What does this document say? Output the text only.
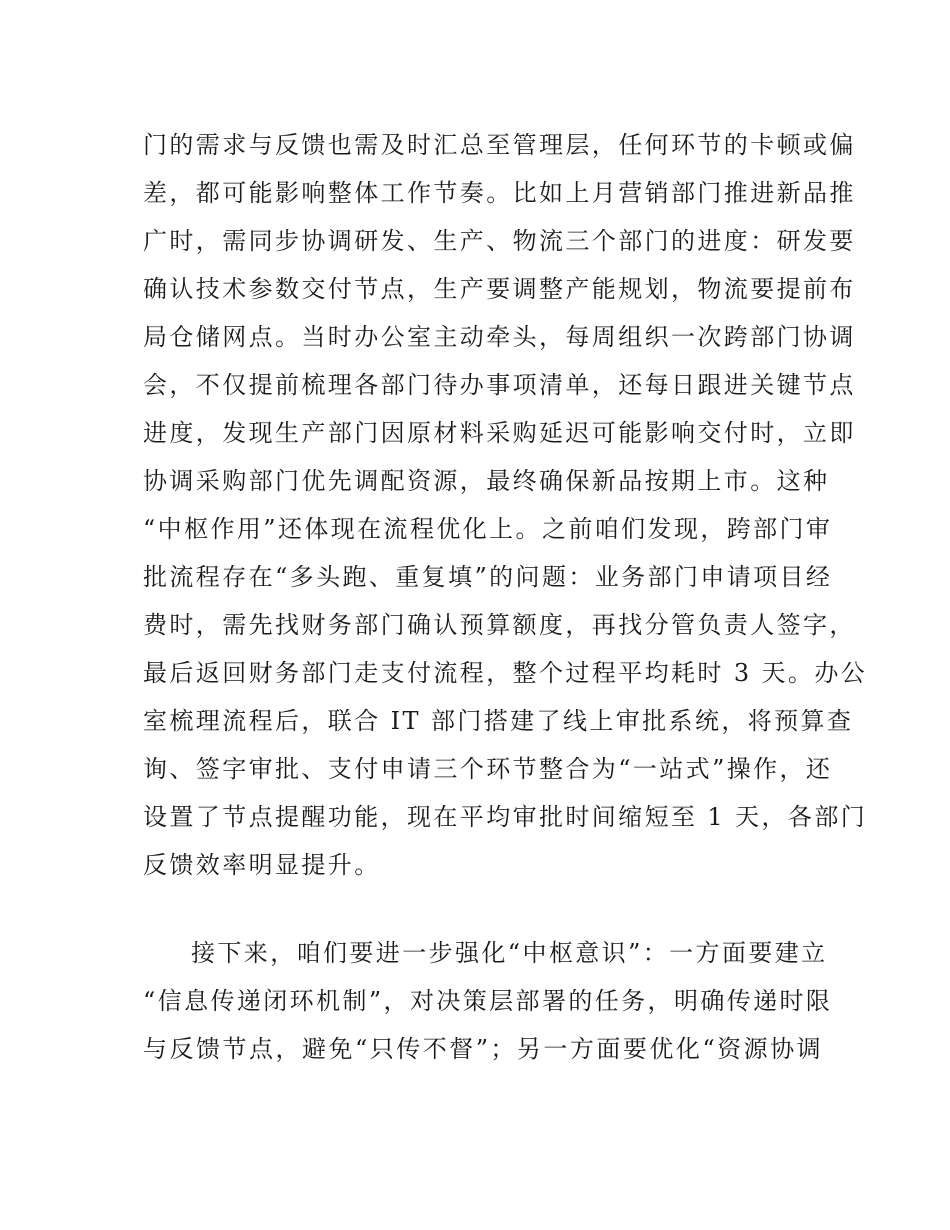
门的需求与反馈也需及时汇总至管理层，任何环节的卡顿或偏
差，都可能影响整体工作节奏。比如上月营销部门推进新品推
广时，需同步协调研发、生产、物流三个部门的进度：研发要
确认技术参数交付节点，生产要调整产能规划，物流要提前布
局仓储网点。当时办公室主动牵头，每周组织一次跨部门协调
会，不仅提前梳理各部门待办事项清单，还每日跟进关键节点
进度，发现生产部门因原材料采购延迟可能影响交付时，立即
协调采购部门优先调配资源，最终确保新品按期上市。这种
“中枢作用”还体现在流程优化上。之前咱们发现，跨部门审
批流程存在“多头跑、重复填”的问题：业务部门申请项目经
费时，需先找财务部门确认预算额度，再找分管负责人签字，
最后返回财务部门走支付流程，整个过程平均耗时 3 天。办公
室梳理流程后，联合 IT 部门搭建了线上审批系统，将预算查
询、签字审批、支付申请三个环节整合为“一站式”操作，还
设置了节点提醒功能，现在平均审批时间缩短至 1 天，各部门
反馈效率明显提升。
接下来，咱们要进一步强化“中枢意识”：一方面要建立
“信息传递闭环机制”，对决策层部署的任务，明确传递时限
与反馈节点，避免“只传不督”；另一方面要优化“资源协调
